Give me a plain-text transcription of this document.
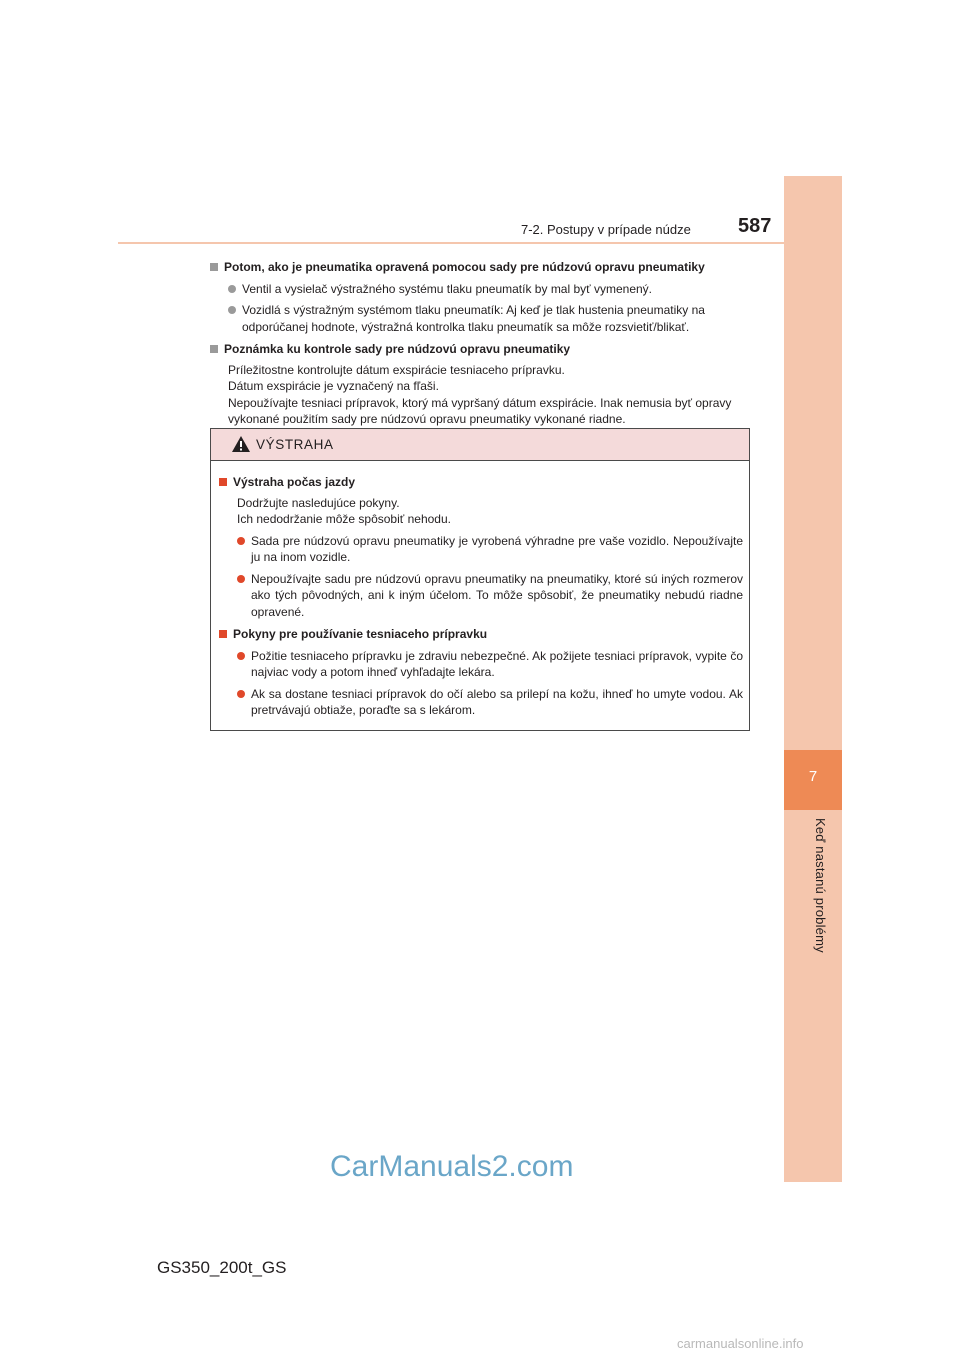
7
Keď nastanú problémy
7-2. Postupy v prípade núdze 587
Potom, ako je pneumatika opravená pomocou sady pre núdzovú opravu pneumatiky
Ventil a vysielač výstražného systému tlaku pneumatík by mal byť vymenený.
Vozidlá s výstražným systémom tlaku pneumatík: Aj keď je tlak hustenia pneumatiky na odporúčanej hodnote, výstražná kontrolka tlaku pneumatík sa môže rozsvietiť/blikať.
Poznámka ku kontrole sady pre núdzovú opravu pneumatiky
Príležitostne kontrolujte dátum exspirácie tesniaceho prípravku.
Dátum exspirácie je vyznačený na fľaši.
Nepoužívajte tesniaci prípravok, ktorý má vypršaný dátum exspirácie. Inak nemusia byť opravy vykonané použitím sady pre núdzovú opravu pneumatiky vykonané riadne.
VÝSTRAHA
Výstraha počas jazdy
Dodržujte nasledujúce pokyny.
Ich nedodržanie môže spôsobiť nehodu.
Sada pre núdzovú opravu pneumatiky je vyrobená výhradne pre vaše vozidlo. Nepoužívajte ju na inom vozidle.
Nepoužívajte sadu pre núdzovú opravu pneumatiky na pneumatiky, ktoré sú iných rozmerov ako tých pôvodných, ani k iným účelom. To môže spôsobiť, že pneumatiky nebudú riadne opravené.
Pokyny pre používanie tesniaceho prípravku
Požitie tesniaceho prípravku je zdraviu nebezpečné. Ak požijete tesniaci prípravok, vypite čo najviac vody a potom ihneď vyhľadajte lekára.
Ak sa dostane tesniaci prípravok do očí alebo sa prilepí na kožu, ihneď ho umyte vodou. Ak pretrvávajú obtiaže, poraďte sa s lekárom.
CarManuals2.com
GS350_200t_GS
carmanualsonline.info
